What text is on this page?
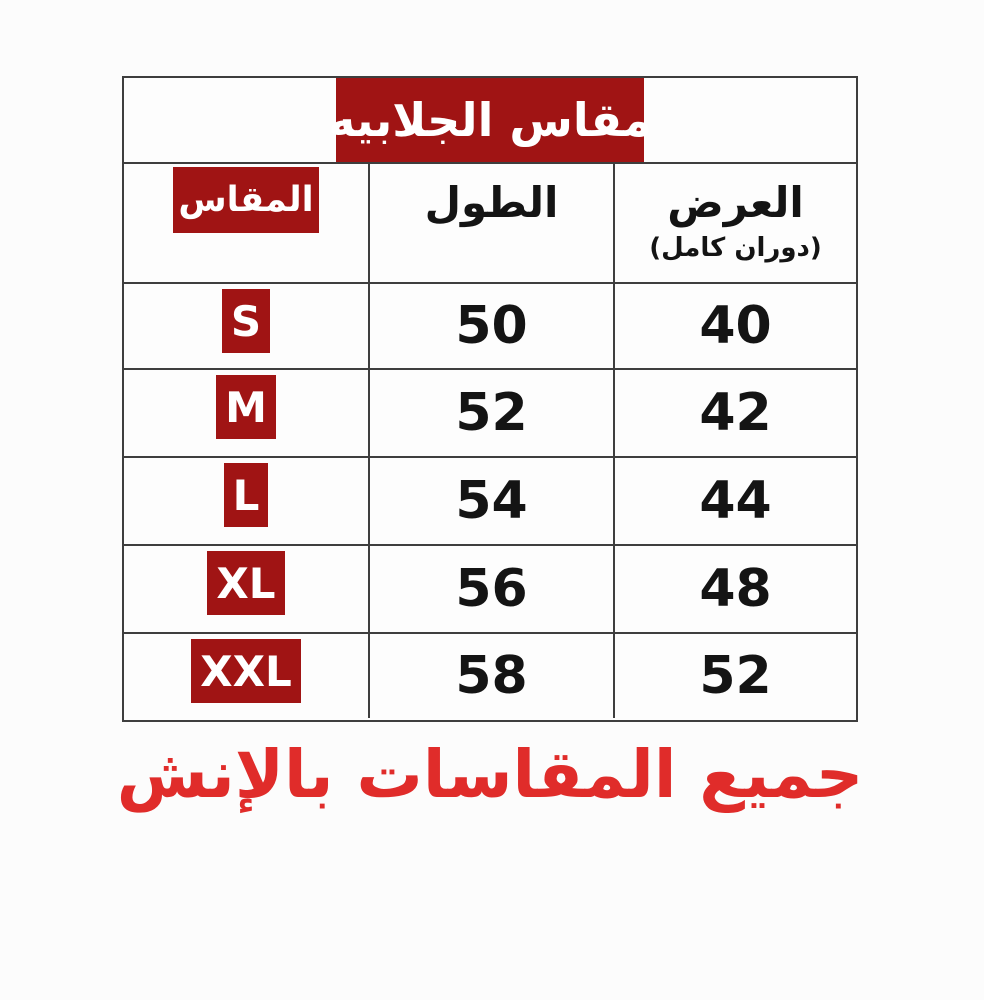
مقاس الجلابيه
المقاس	الطول	العرض
(دوران كامل)
S	50	40
M	52	42
L	54	44
XL	56	48
XXL	58	52
جميع المقاسات بالإنش
